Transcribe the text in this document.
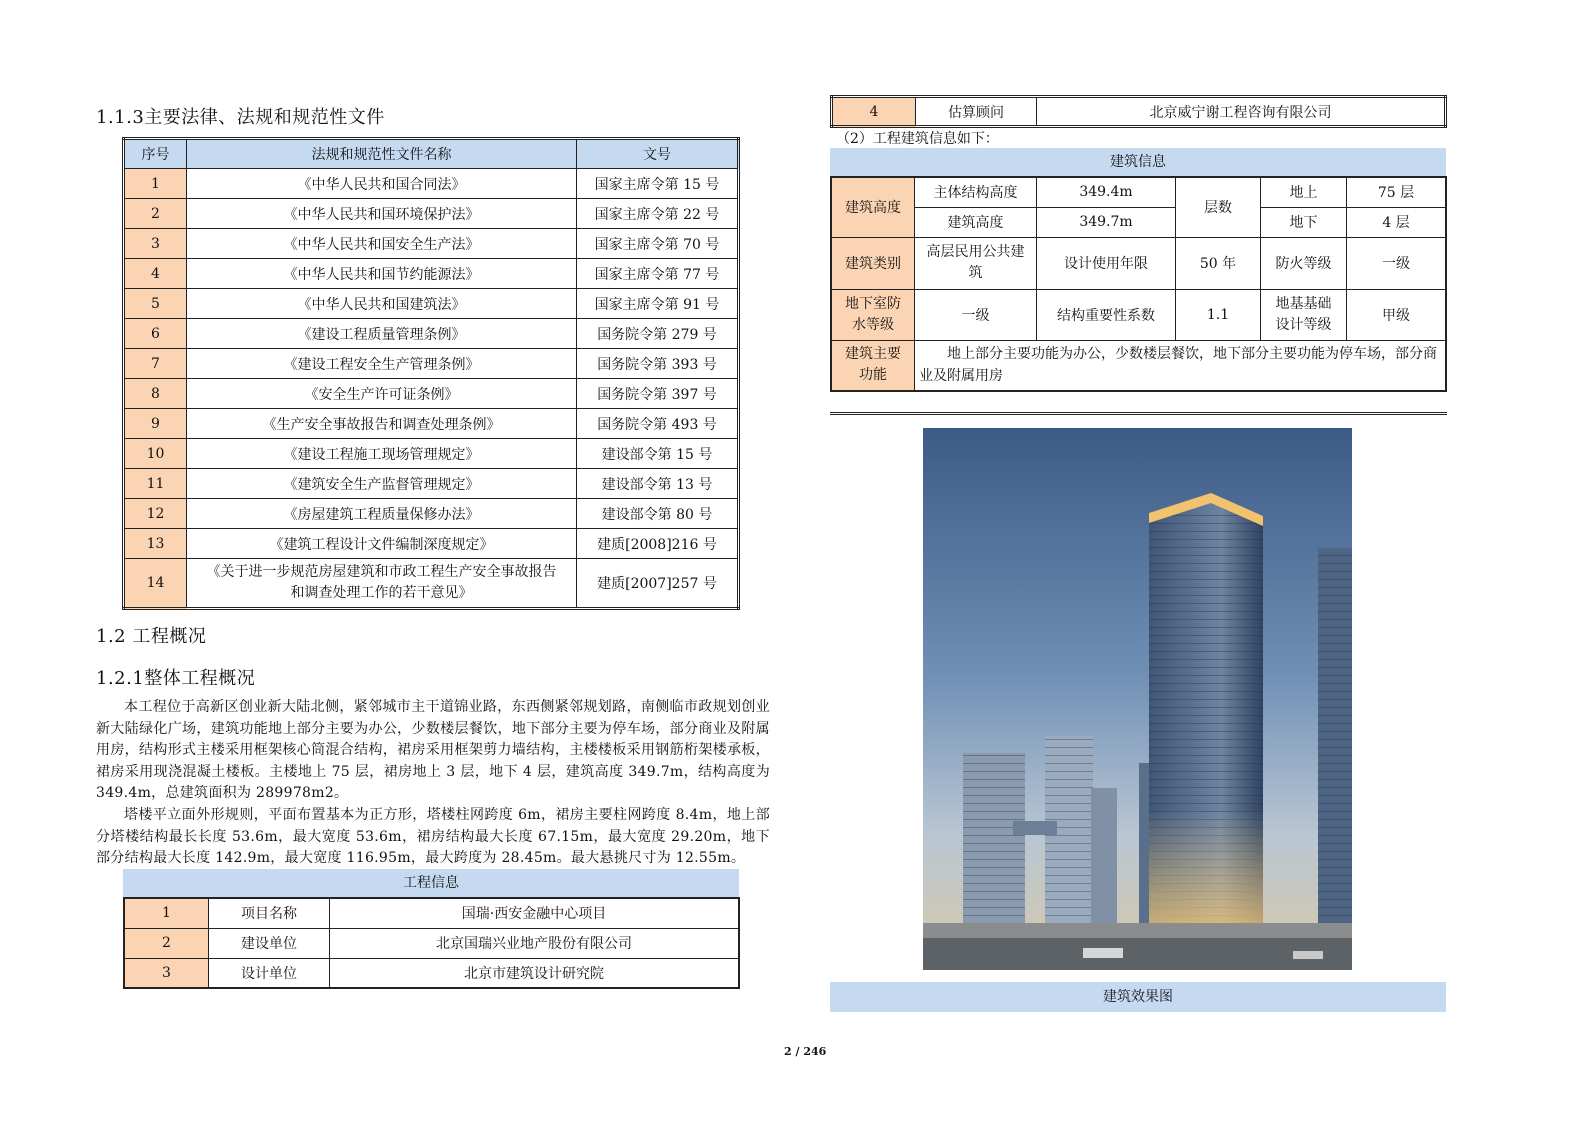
1.1.3主要法律、法规和规范性文件
序号	法规和规范性文件名称	文号
1	《中华人民共和国合同法》	国家主席令第 15 号
2	《中华人民共和国环境保护法》	国家主席令第 22 号
3	《中华人民共和国安全生产法》	国家主席令第 70 号
4	《中华人民共和国节约能源法》	国家主席令第 77 号
5	《中华人民共和国建筑法》	国家主席令第 91 号
6	《建设工程质量管理条例》	国务院令第 279 号
7	《建设工程安全生产管理条例》	国务院令第 393 号
8	《安全生产许可证条例》	国务院令第 397 号
9	《生产安全事故报告和调查处理条例》	国务院令第 493 号
10	《建设工程施工现场管理规定》	建设部令第 15 号
11	《建筑安全生产监督管理规定》	建设部令第 13 号
12	《房屋建筑工程质量保修办法》	建设部令第 80 号
13	《建筑工程设计文件编制深度规定》	建质[2008]216 号
14	《关于进一步规范房屋建筑和市政工程生产安全事故报告和调查处理工作的若干意见》	建质[2007]257 号
1.2 工程概况
1.2.1整体工程概况
本工程位于高新区创业新大陆北侧，紧邻城市主干道锦业路，东西侧紧邻规划路，南侧临市政规划创业新大陆绿化广场，建筑功能地上部分主要为办公，少数楼层餐饮，地下部分主要为停车场，部分商业及附属用房，结构形式主楼采用框架核心筒混合结构，裙房采用框架剪力墙结构，主楼楼板采用钢筋桁架楼承板，裙房采用现浇混凝土楼板。主楼地上 75 层，裙房地上 3 层，地下 4 层，建筑高度 349.7m，结构高度为 349.4m，总建筑面积为 289978m2。
塔楼平立面外形规则，平面布置基本为正方形，塔楼柱网跨度 6m，裙房主要柱网跨度 8.4m，地上部分塔楼结构最长长度 53.6m，最大宽度 53.6m，裙房结构最大长度 67.15m，最大宽度 29.20m，地下部分结构最大长度 142.9m，最大宽度 116.95m，最大跨度为 28.45m。最大悬挑尺寸为 12.55m。
工程信息
1	项目名称	国瑞·西安金融中心项目
2	建设单位	北京国瑞兴业地产股份有限公司
3	设计单位	北京市建筑设计研究院
4	估算顾问	北京威宁谢工程咨询有限公司
（2）工程建筑信息如下：
建筑信息
建筑高度	主体结构高度	349.4m	层数	地上	75 层
	建筑高度	349.7m		地下	4 层
建筑类别	高层民用公共建筑	设计使用年限	50 年	防火等级	一级
地下室防水等级	一级	结构重要性系数	1.1	地基基础设计等级	甲级
建筑主要功能	地上部分主要功能为办公，少数楼层餐饮，地下部分主要功能为停车场，部分商业及附属用房				
建筑效果图
2 / 246
